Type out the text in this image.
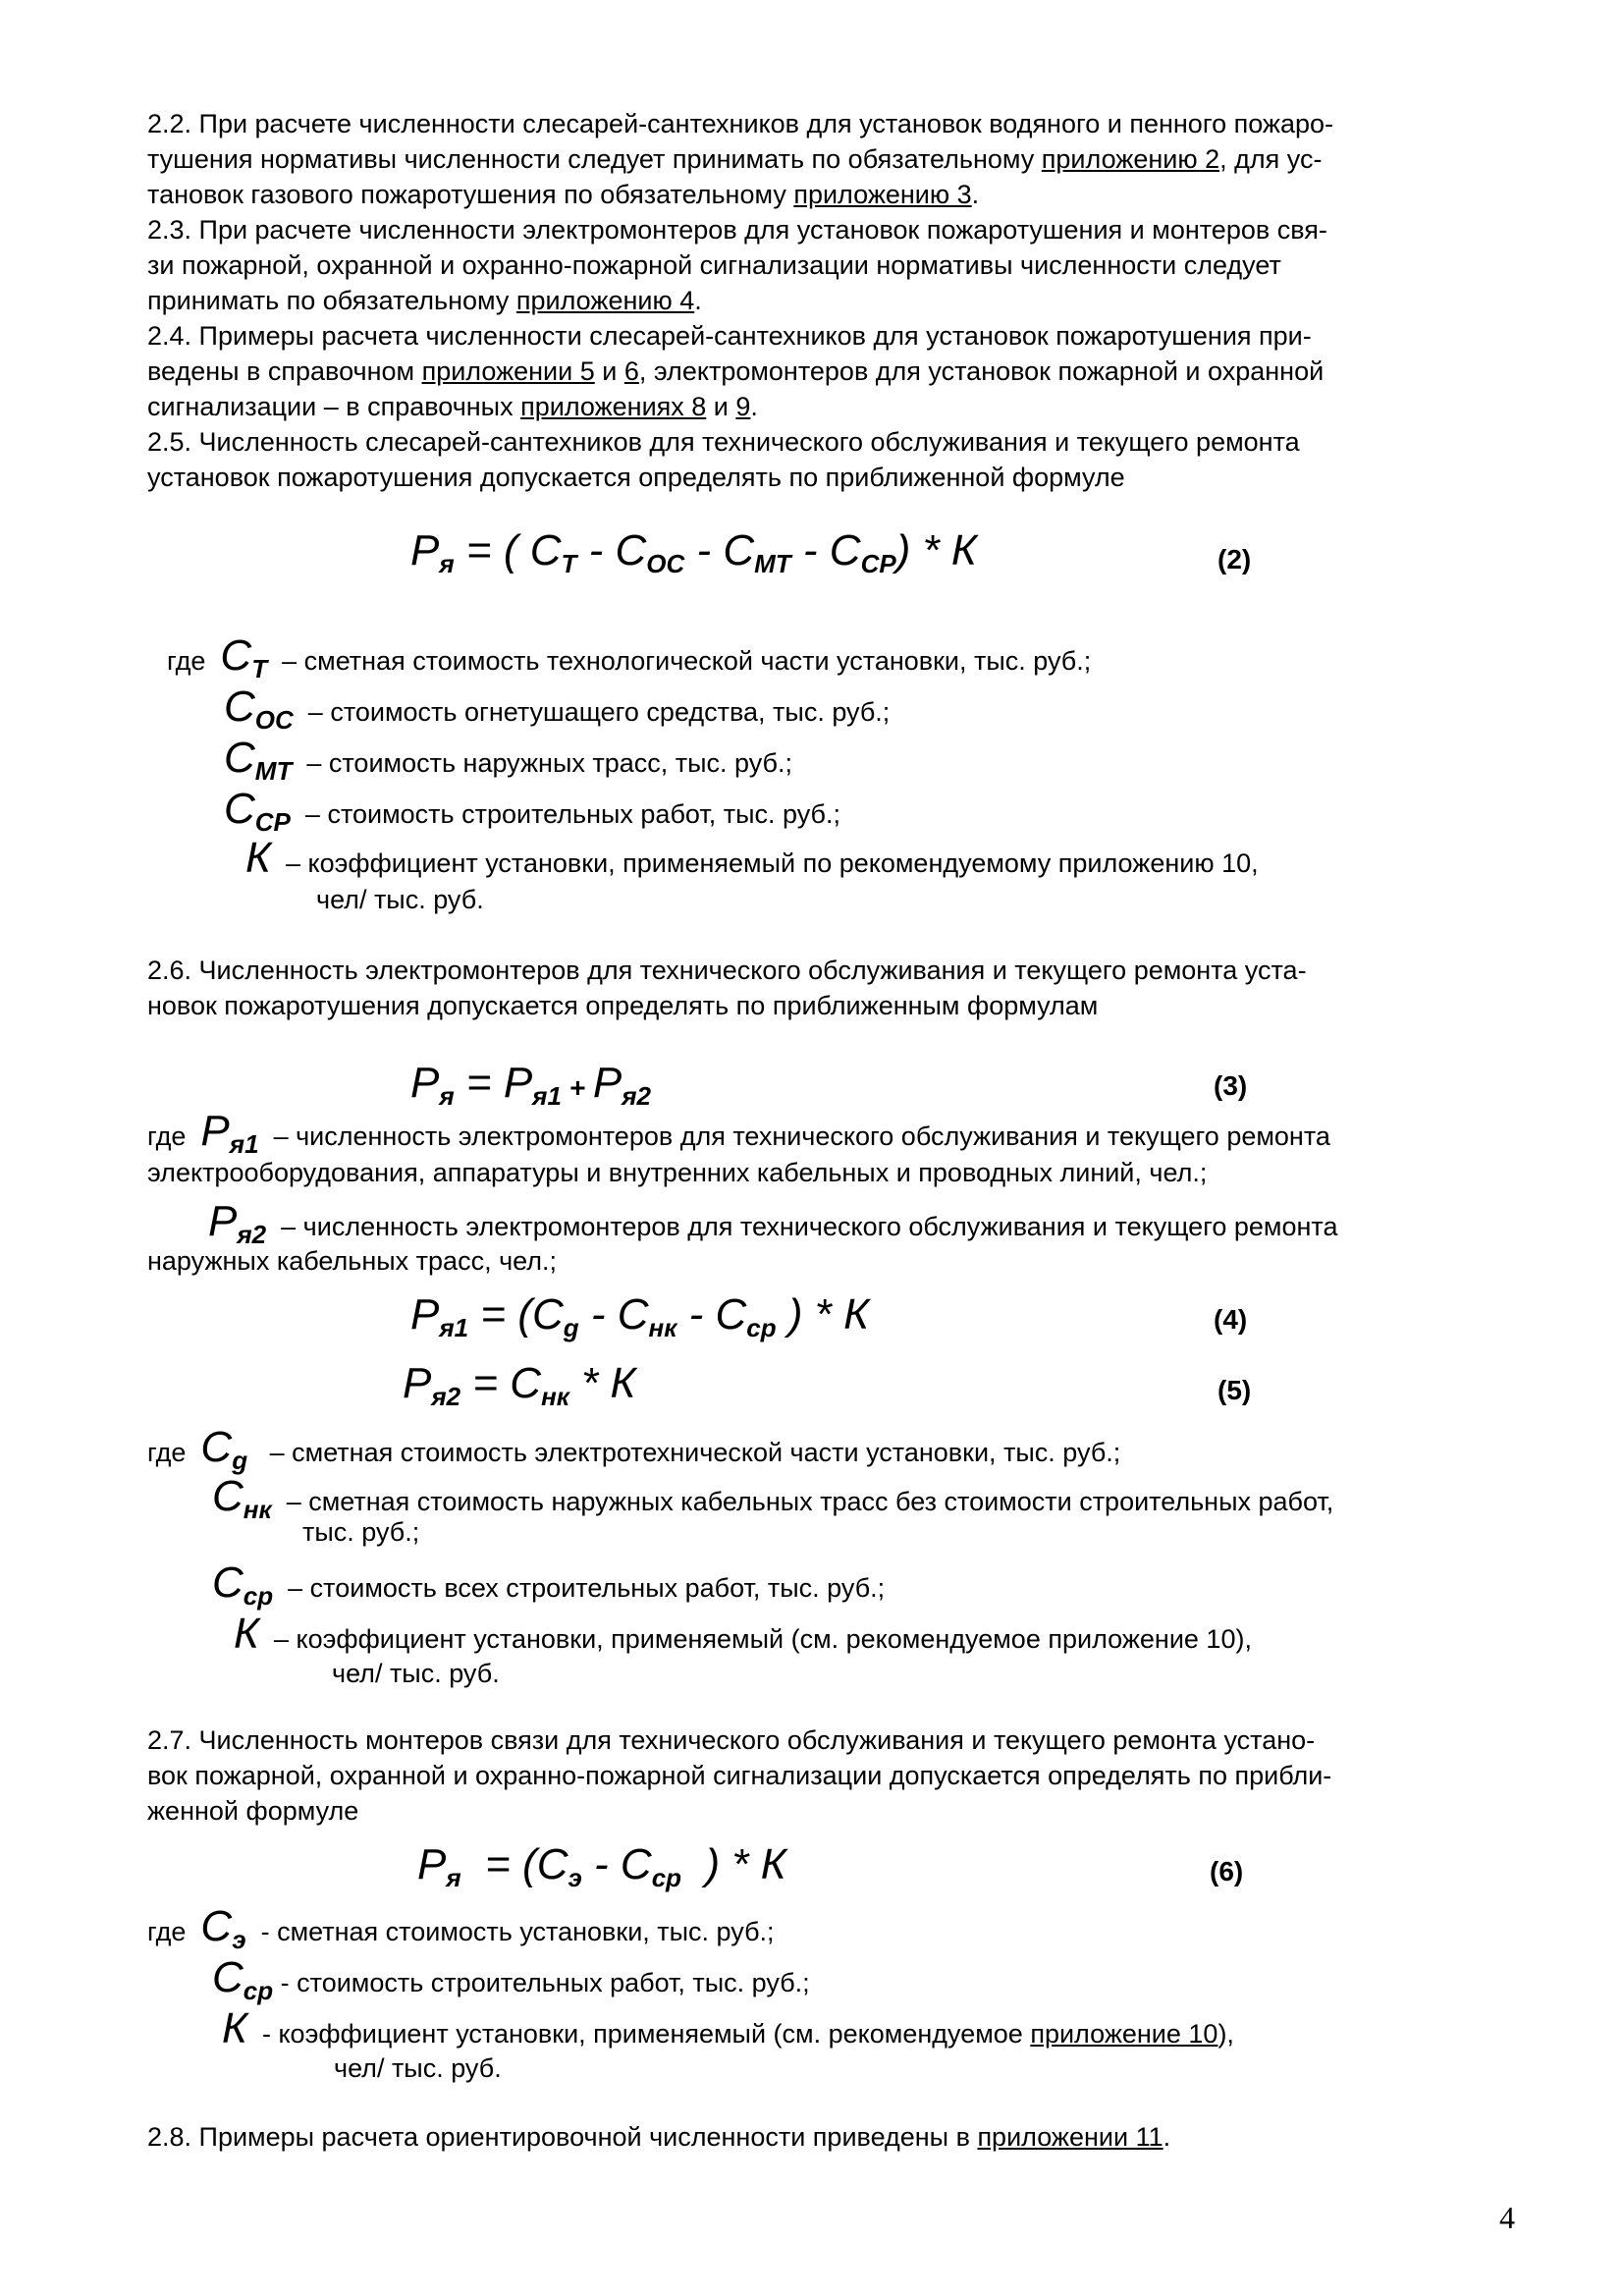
2.2. При расчете численности слесарей-сантехников для установок водяного и пенного пожаро-

тушения нормативы численности следует принимать по обязательному приложению 2, для ус-

тановок газового пожаротушения по обязательному приложению 3.

2.3. При расчете численности электромонтеров для установок пожаротушения и монтеров свя-

зи пожарной, охранной и охранно-пожарной сигнализации нормативы численности следует

принимать по обязательному приложению 4.

2.4. Примеры расчета численности слесарей-сантехников для установок пожаротушения при-

ведены в справочном приложении 5 и 6, электромонтеров для установок пожарной и охранной

сигнализации – в справочных приложениях 8 и 9.

2.5. Численность слесарей-сантехников для технического обслуживания и текущего ремонта

установок пожаротушения допускается определять по приближенной формуле

$P_я$ = ( $C_Т - C_{ОС} - C_{МТ} - C_{СР}$) * К	(2)
где $C_Т$ – сметная стоимость технологической части установки, тыс. руб.;
$C_{ОС}$ – стоимость огнетушащего средства, тыс. руб.;
$C_{МТ}$ – стоимость наружных трасс, тыс. руб.;
$C_{СР}$ – стоимость строительных работ, тыс. руб.;
К – коэффициент установки, применяемый по рекомендуемому приложению 10,
чел/ тыс. руб.

2.6. Численность электромонтеров для технического обслуживания и текущего ремонта уста-

новок пожаротушения допускается определять по приближенным формулам

$P_я = P_{я1} + P_{я2}$	(3)
где $P_{я1}$ – численность электромонтеров для технического обслуживания и текущего ремонта
электрооборудования, аппаратуры и внутренних кабельных и проводных линий, чел.;
$P_{я2}$ – численность электромонтеров для технического обслуживания и текущего ремонта
наружных кабельных трасс, чел.;
$P_{я1} = (C_g - C_{нк} - C_{ср}$ ) * К	(4)
$P_{я2} = C_{нк} * К$	(5)
где $C_g$ – сметная стоимость электротехнической части установки, тыс. руб.;
$C_{нк}$ – сметная стоимость наружных кабельных трасс без стоимости строительных работ,
тыс. руб.;
$C_{ср}$ – стоимость всех строительных работ, тыс. руб.;
К – коэффициент установки, применяемый (см. рекомендуемое приложение 10),
чел/ тыс. руб.

2.7. Численность монтеров связи для технического обслуживания и текущего ремонта устано-

вок пожарной, охранной и охранно-пожарной сигнализации допускается определять по прибли-

женной формуле

$P_я = (C_э - C_{ср}$  ) * К	(6)
где $C_э$ - сметная стоимость установки, тыс. руб.;
$C_{ср}$ - стоимость строительных работ, тыс. руб.;
К - коэффициент установки, применяемый (см. рекомендуемое приложение 10),
чел/ тыс. руб.

2.8. Примеры расчета ориентировочной численности приведены в приложении 11.

4
